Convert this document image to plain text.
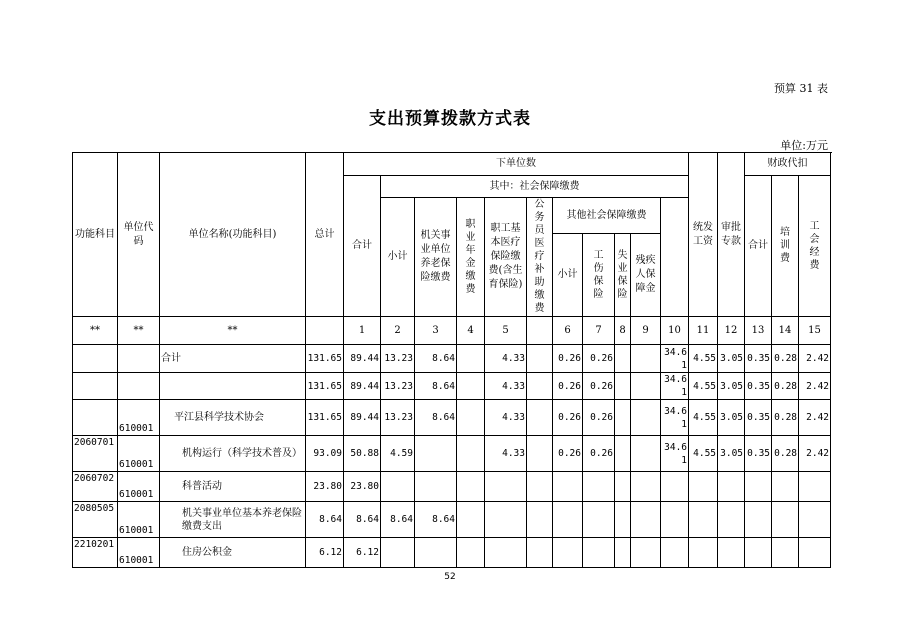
预算 31 表
支出预算拨款方式表
单位:万元
功能科目	单位代码	单位名称(功能科目)	总计	下单位数											统发工资	审批专款	财政代扣			
				合计	其中：社会保障缴费												合计	培训费	工会经费	
					小计	机关事业单位养老保险缴费	职业年金缴费	职工基本医疗保险缴费(含生育保险)	公务员医疗补助缴费	其他社会保障缴费										
										小计	工伤保险	失业保险	残疾人保障金							
**	**	**		1	2	3	4	5		6	7	8	9	10	11	12	13	14	15	
		合计	131.65	89.44	13.23	8.64		4.33		0.26	0.26			34.61	4.55	3.05	0.35	0.28	2.42	
			131.65	89.44	13.23	8.64		4.33		0.26	0.26			34.61	4.55	3.05	0.35	0.28	2.42	
	610001	平江县科学技术协会	131.65	89.44	13.23	8.64		4.33		0.26	0.26			34.61	4.55	3.05	0.35	0.28	2.42	
2060701	610001	机构运行（科学技术普及）	93.09	50.88	4.59			4.33		0.26	0.26			34.61	4.55	3.05	0.35	0.28	2.42	
2060702	610001	科普活动	23.80	23.80																
2080505	610001	机关事业单位基本养老保险缴费支出	8.64	8.64	8.64	8.64														
2210201	610001	住房公积金	6.12	6.12																
52
